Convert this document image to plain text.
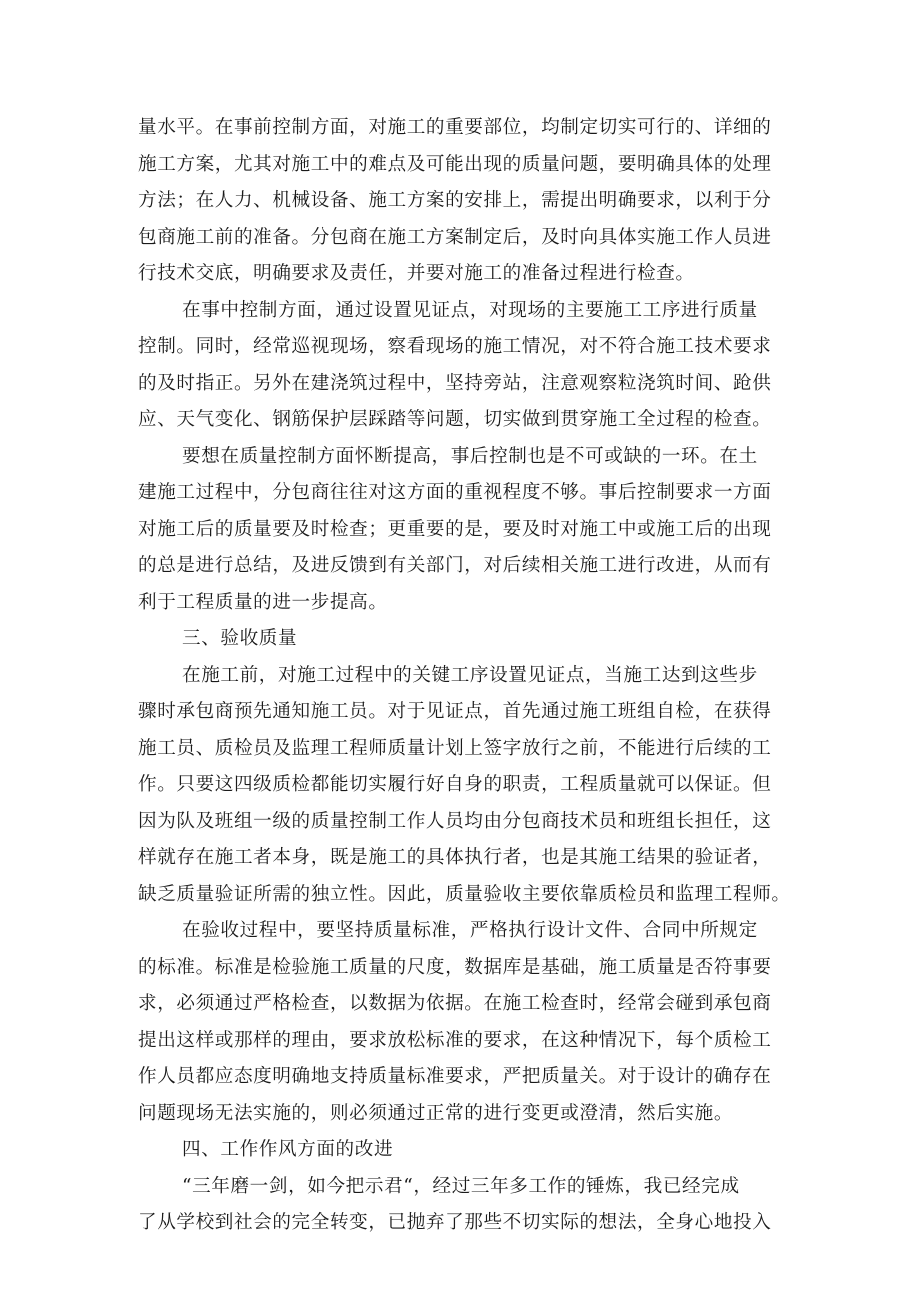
量水平。在事前控制方面，对施工的重要部位，均制定切实可行的、详细的
施工方案，尤其对施工中的难点及可能出现的质量问题，要明确具体的处理
方法；在人力、机械设备、施工方案的安排上，需提出明确要求，以利于分
包商施工前的准备。分包商在施工方案制定后，及时向具体实施工作人员进
行技术交底，明确要求及责任，并要对施工的准备过程进行检查。
在事中控制方面，通过设置见证点，对现场的主要施工工序进行质量
控制。同时，经常巡视现场，察看现场的施工情况，对不符合施工技术要求
的及时指正。另外在建浇筑过程中，坚持旁站，注意观察粒浇筑时间、跄供
应、天气变化、钢筋保护层踩踏等问题，切实做到贯穿施工全过程的检查。
要想在质量控制方面怀断提高，事后控制也是不可或缺的一环。在土
建施工过程中，分包商往往对这方面的重视程度不够。事后控制要求一方面
对施工后的质量要及时检查；更重要的是，要及时对施工中或施工后的出现
的总是进行总结，及进反馈到有关部门，对后续相关施工进行改进，从而有
利于工程质量的进一步提高。
三、验收质量
在施工前，对施工过程中的关键工序设置见证点，当施工达到这些步
骤时承包商预先通知施工员。对于见证点，首先通过施工班组自检，在获得
施工员、质检员及监理工程师质量计划上签字放行之前，不能进行后续的工
作。只要这四级质检都能切实履行好自身的职责，工程质量就可以保证。但
因为队及班组一级的质量控制工作人员均由分包商技术员和班组长担任，这
样就存在施工者本身，既是施工的具体执行者，也是其施工结果的验证者，
缺乏质量验证所需的独立性。因此，质量验收主要依靠质检员和监理工程师。
在验收过程中，要坚持质量标准，严格执行设计文件、合同中所规定
的标准。标准是检验施工质量的尺度，数据库是基础，施工质量是否符事要
求，必须通过严格检查，以数据为依据。在施工检查时，经常会碰到承包商
提出这样或那样的理由，要求放松标准的要求，在这种情况下，每个质检工
作人员都应态度明确地支持质量标准要求，严把质量关。对于设计的确存在
问题现场无法实施的，则必须通过正常的进行变更或澄清，然后实施。
四、工作作风方面的改进
“三年磨一剑，如今把示君“，经过三年多工作的锤炼，我已经完成
了从学校到社会的完全转变，已抛弃了那些不切实际的想法，全身心地投入
